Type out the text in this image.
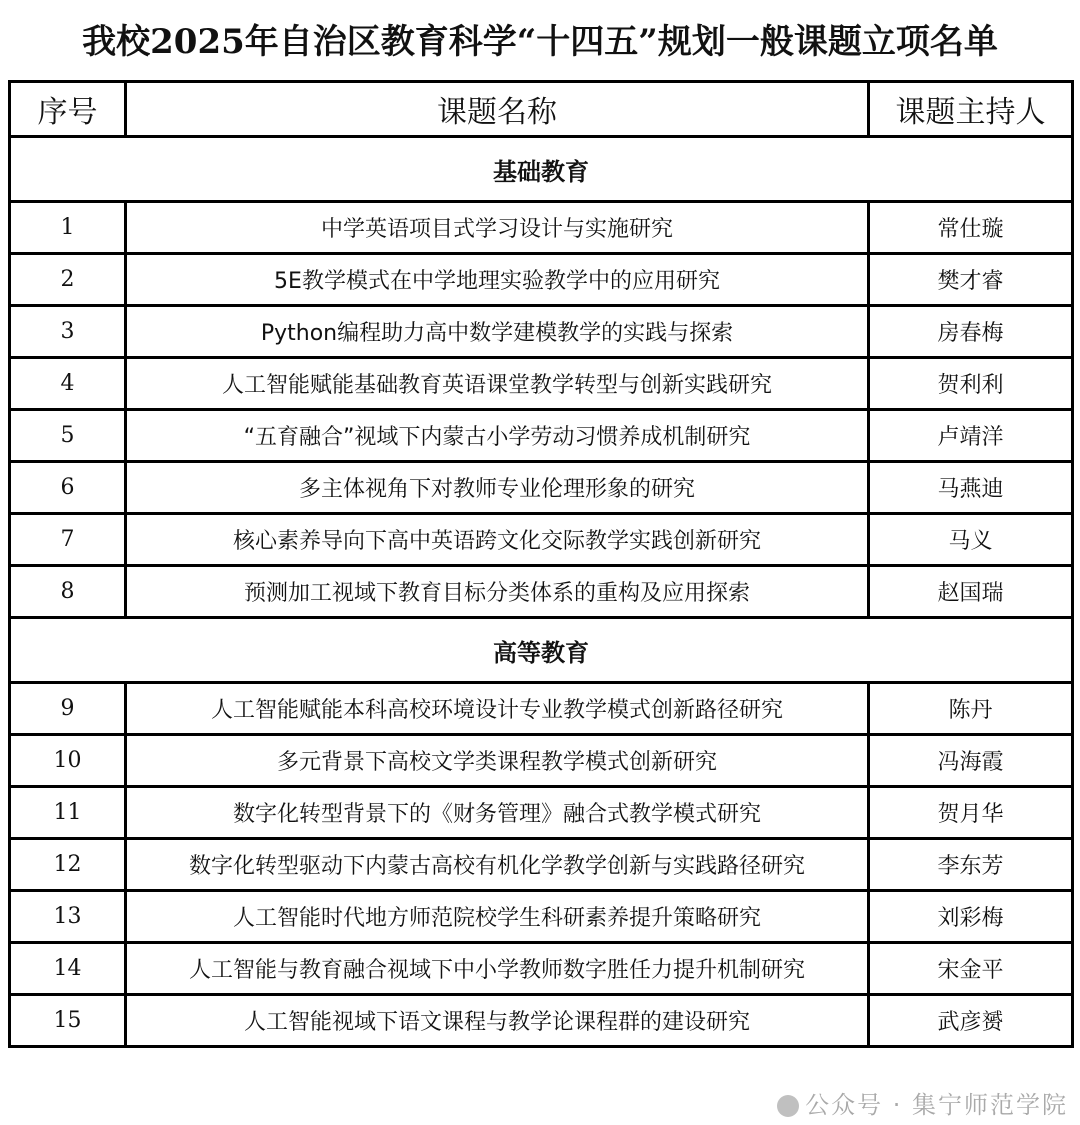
我校2025年自治区教育科学“十四五”规划一般课题立项名单
序号	课题名称	课题主持人
基础教育		
1	中学英语项目式学习设计与实施研究	常仕璇
2	5E教学模式在中学地理实验教学中的应用研究	樊才睿
3	Python编程助力高中数学建模教学的实践与探索	房春梅
4	人工智能赋能基础教育英语课堂教学转型与创新实践研究	贺利利
5	“五育融合”视域下内蒙古小学劳动习惯养成机制研究	卢靖洋
6	多主体视角下对教师专业伦理形象的研究	马燕迪
7	核心素养导向下高中英语跨文化交际教学实践创新研究	马义
8	预测加工视域下教育目标分类体系的重构及应用探索	赵国瑞
高等教育		
9	人工智能赋能本科高校环境设计专业教学模式创新路径研究	陈丹
10	多元背景下高校文学类课程教学模式创新研究	冯海霞
11	数字化转型背景下的《财务管理》融合式教学模式研究	贺月华
12	数字化转型驱动下内蒙古高校有机化学教学创新与实践路径研究	李东芳
13	人工智能时代地方师范院校学生科研素养提升策略研究	刘彩梅
14	人工智能与教育融合视域下中小学教师数字胜任力提升机制研究	宋金平
15	人工智能视域下语文课程与教学论课程群的建设研究	武彦赟
公众号 · 集宁师范学院
